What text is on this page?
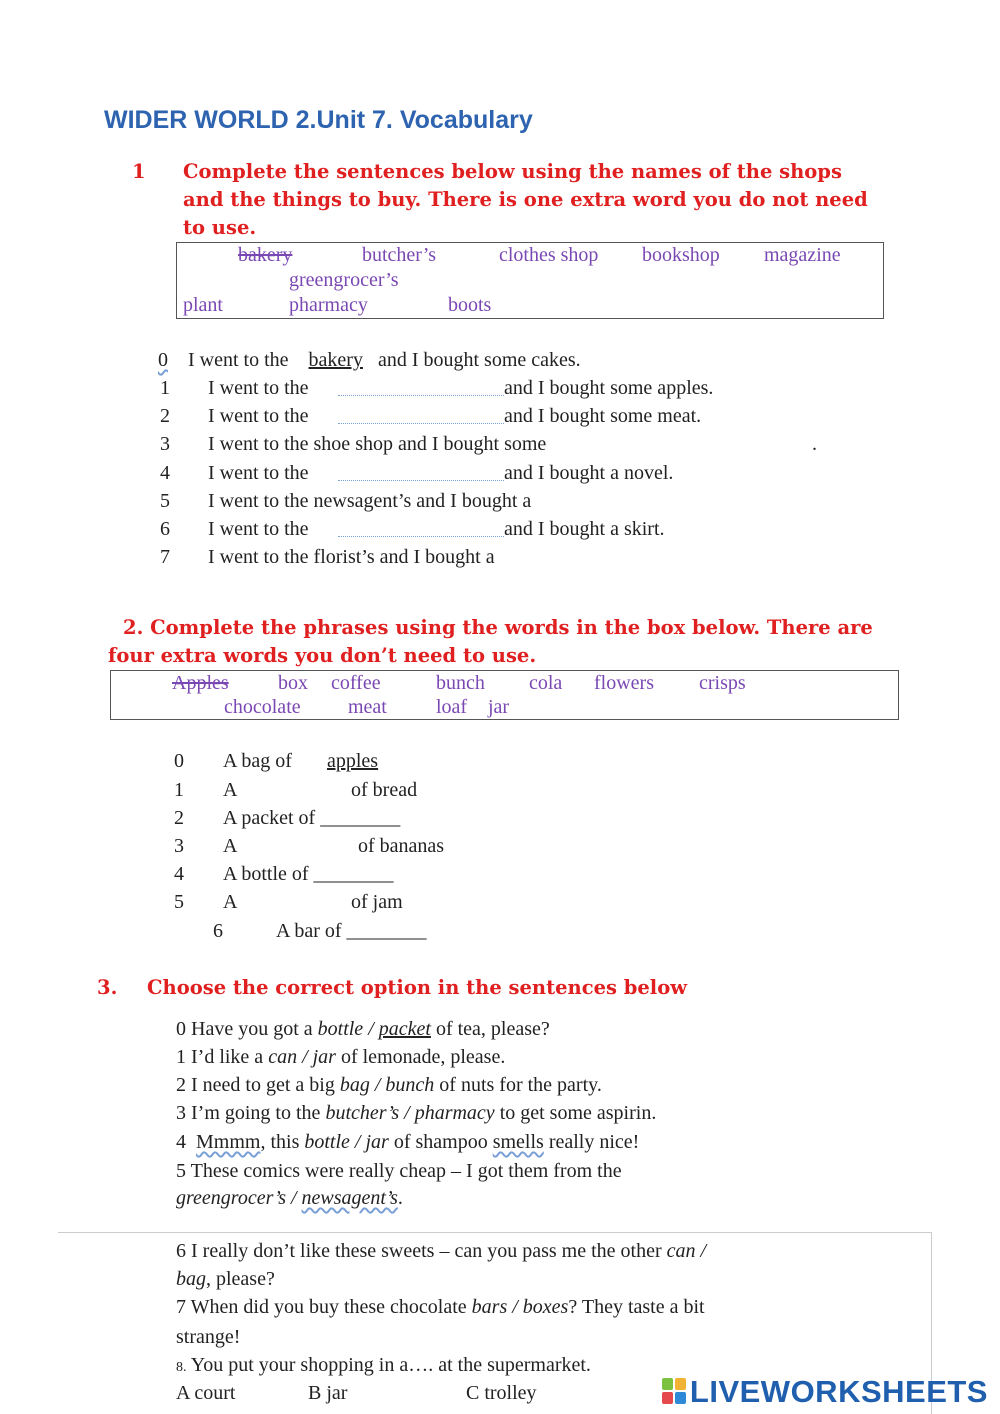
WIDER WORLD 2.Unit 7. Vocabulary
1 Complete the sentences below using the names of the shops
and the things to buy. There is one extra word you do not need
to use.
bakery	butcher’s	clothes shop bookshop magazine
greengrocer’s
plant	pharmacy	boots
0 I went to the bakery and I bought some cakes.
1 I went to the	and I bought some apples.
2 I went to the	and I bought some meat.
3 I went to the shoe shop and I bought some	.
4 I went to the	and I bought a novel.
5 I went to the newsagent’s and I bought a
6 I went to the	and I bought a skirt.
7 I went to the florist’s and I bought a
2. Complete the phrases using the words in the box below. There are
four extra words you don’t need to use.
Apples box coffee	bunch cola flowers crisps
chocolate meat loaf jar
0 A bag of apples
1 A	of bread
2 A packet of ________
3 A	of bananas
4 A bottle of ________
5 A	of jam
6	A bar of ________
3. Choose the correct option in the sentences below
0 Have you got a bottle / packet of tea, please?
1 I’d like a can / jar of lemonade, please.
2 I need to get a big bag / bunch of nuts for the party.
3 I’m going to the butcher’s / pharmacy to get some aspirin.
4 Mmmm, this bottle / jar of shampoo smells really nice!
5 These comics were really cheap – I got them from the
greengrocer’s / newsagent’s.
6 I really don’t like these sweets – can you pass me the other can /
bag, please?
7 When did you buy these chocolate bars / boxes? They taste a bit
strange!
8. You put your shopping in a…. at the supermarket.
A court	B jar	C trolley	LIVEWORKSHEETS
